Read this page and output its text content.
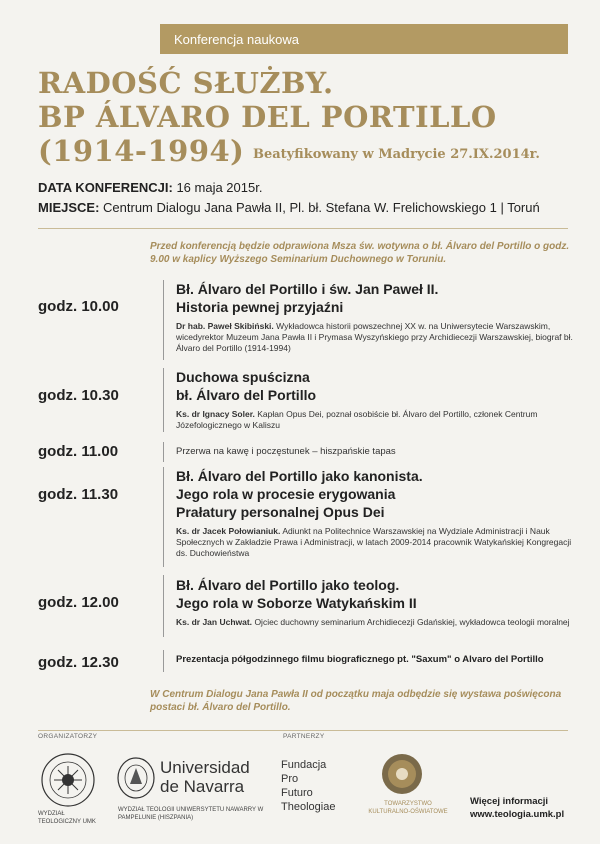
Konferencja naukowa
RADOŚĆ SŁUŻBY.
BP ÁLVARO DEL PORTILLO
(1914-1994) Beatyfikowany w Madrycie 27.IX.2014r.
DATA KONFERENCJI: 16 maja 2015r.
MIEJSCE: Centrum Dialogu Jana Pawła II, Pl. bł. Stefana W. Frelichowskiego 1 | Toruń
Przed konferencją będzie odprawiona Msza św. wotywna o bł. Álvaro del Portillo o godz. 9.00 w kaplicy Wyższego Seminarium Duchownego w Toruniu.
godz. 10.00
Bł. Álvaro del Portillo i św. Jan Paweł II.
Historia pewnej przyjaźni
Dr hab. Paweł Skibiński. Wykładowca historii powszechnej XX w. na Uniwersytecie Warszawskim, wicedyrektor Muzeum Jana Pawła II i Prymasa Wyszyńskiego przy Archidiecezji Warszawskiej, biograf bł. Álvaro del Portillo (1914-1994)
godz. 10.30
Duchowa spuścizna
bł. Álvaro del Portillo
Ks. dr Ignacy Soler. Kapłan Opus Dei, poznał osobiście bł. Álvaro del Portillo, członek Centrum Józefologicznego w Kaliszu
godz. 11.00	Przerwa na kawę i poczęstunek – hiszpańskie tapas
godz. 11.30
Bł. Álvaro del Portillo jako kanonista.
Jego rola w procesie erygowania
Prałatury personalnej Opus Dei
Ks. dr Jacek Połowianiuk. Adiunkt na Politechnice Warszawskiej na Wydziale Administracji i Nauk Społecznych w Zakładzie Prawa i Administracji, w latach 2009-2014 pracownik Watykańskiej Kongregacji ds. Duchowieństwa
godz. 12.00
Bł. Álvaro del Portillo jako teolog.
Jego rola w Soborze Watykańskim II
Ks. dr Jan Uchwat. Ojciec duchowny seminarium Archidiecezji Gdańskiej, wykładowca teologii moralnej
godz. 12.30	Prezentacja półgodzinnego filmu biograficznego pt. "Saxum" o Alvaro del Portillo
W Centrum Dialogu Jana Pawła II od początku maja odbędzie się wystawa poświęcona postaci bł. Álvaro del Portillo.
ORGANIZATORZY	PARTNERZY
WYDZIAŁ TEOLOGICZNY UMK
Universidad
de Navarra
WYDZIAŁ TEOLOGII UNIWERSYTETU NAWARRY W PAMPELUNIE (HISZPANIA)
Fundacja
Pro
Futuro
Theologiae	TOWARZYSTWO KULTURALNO-OŚWIATOWE
Więcej informacji
www.teologia.umk.pl
